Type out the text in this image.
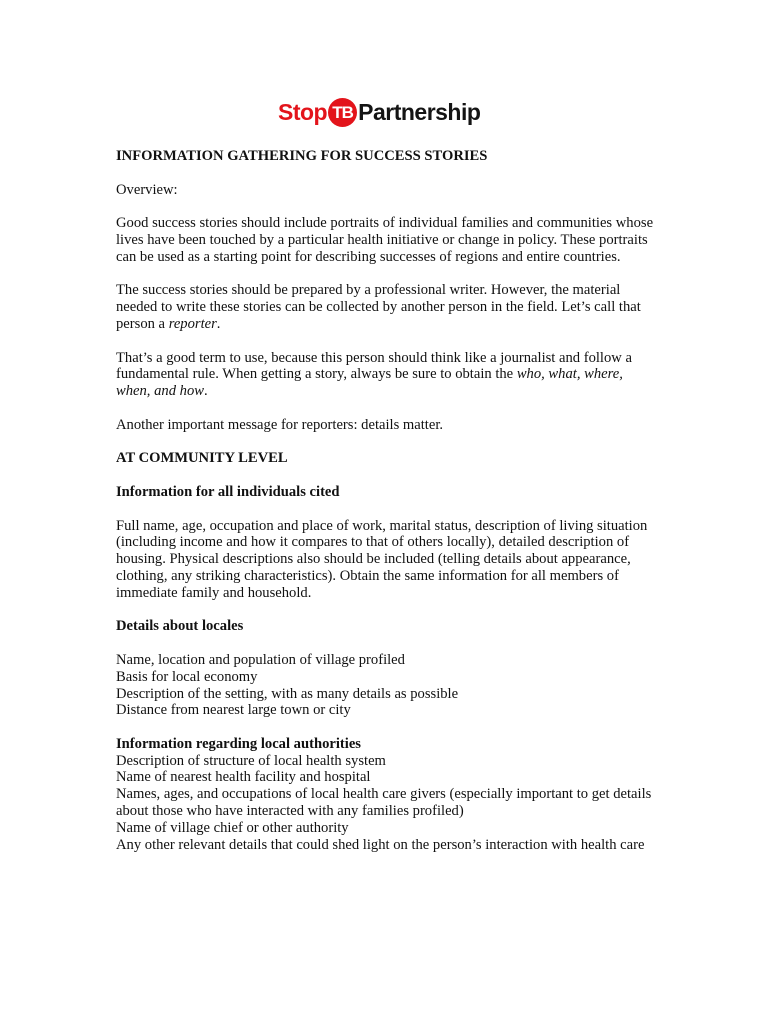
Stop TB Partnership

INFORMATION GATHERING FOR SUCCESS STORIES

Overview:

Good success stories should include portraits of individual families and communities whose lives have been touched by a particular health initiative or change in policy. These portraits can be used as a starting point for describing successes of regions and entire countries.

The success stories should be prepared by a professional writer. However, the material needed to write these stories can be collected by another person in the field. Let’s call that person a reporter.

That’s a good term to use, because this person should think like a journalist and follow a fundamental rule. When getting a story, always be sure to obtain the who, what, where, when, and how.

Another important message for reporters: details matter.

AT COMMUNITY LEVEL

Information for all individuals cited

Full name, age, occupation and place of work, marital status, description of living situation (including income and how it compares to that of others locally), detailed description of housing. Physical descriptions also should be included (telling details about appearance, clothing, any striking characteristics). Obtain the same information for all members of immediate family and household.

Details about locales

Name, location and population of village profiled

Basis for local economy

Description of the setting, with as many details as possible

Distance from nearest large town or city

Information regarding local authorities

Description of structure of local health system

Name of nearest health facility and hospital

Names, ages, and occupations of local health care givers (especially important to get details about those who have interacted with any families profiled)

Name of village chief or other authority

Any other relevant details that could shed light on the person’s interaction with health care
